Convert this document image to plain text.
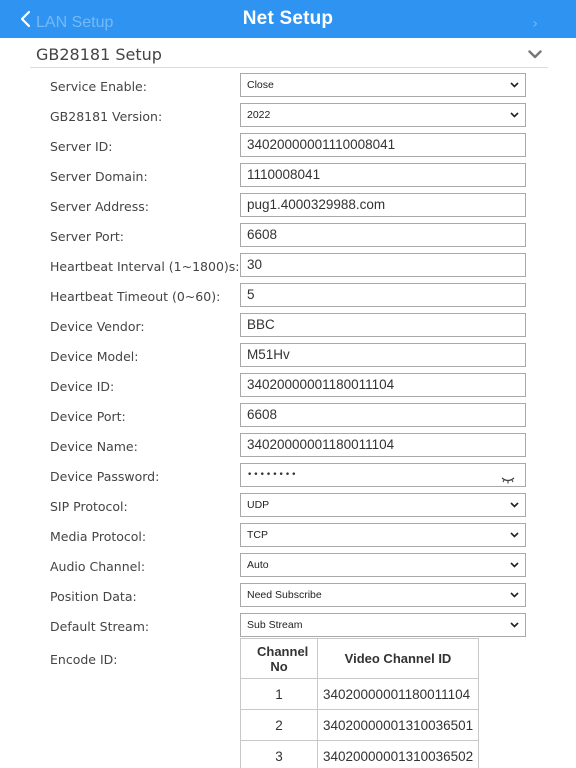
LAN Setup	›
Net Setup
GB28181 Setup
Service Enable:	Close
GB28181 Version:	2022
Server ID:	34020000001110008041
Server Domain:	1110008041
Server Address:	pug1.4000329988.com
Server Port:	6608
Heartbeat Interval (1~1800)s: 30
Heartbeat Timeout (0~60):	5
Device Vendor:	BBC
Device Model:	M51Hv
Device ID:	34020000001180011104
Device Port:	6608
Device Name:	34020000001180011104
Device Password:	••••••••
SIP Protocol:	UDP
Media Protocol:	TCP
Audio Channel:	Auto
Position Data:	Need Subscribe
Default Stream:	Sub Stream
Encode ID:
Channel No	Video Channel ID
1	34020000001180011104
2	34020000001310036501
3	34020000001310036502
